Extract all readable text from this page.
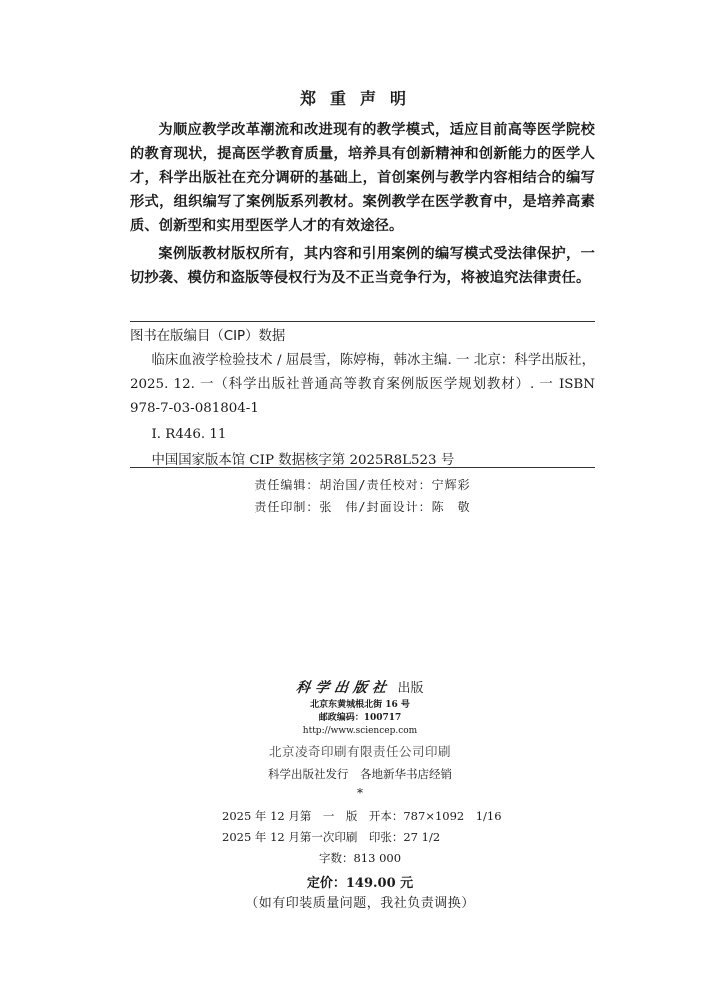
郑重声明

为顺应教学改革潮流和改进现有的教学模式，适应目前高等医学院校的教育现状，提高医学教育质量，培养具有创新精神和创新能力的医学人才，科学出版社在充分调研的基础上，首创案例与教学内容相结合的编写形式，组织编写了案例版系列教材。案例教学在医学教育中，是培养高素质、创新型和实用型医学人才的有效途径。

案例版教材版权所有，其内容和引用案例的编写模式受法律保护，一切抄袭、模仿和盗版等侵权行为及不正当竞争行为，将被追究法律责任。

图书在版编目（CIP）数据
临床血液学检验技术 / 屈晨雪，陈婷梅，韩冰主编. 一 北京：科学出版社，2025. 12. 一（科学出版社普通高等教育案例版医学规划教材）. 一 ISBN 978-7-03-081804-1
Ⅰ. R446. 11
中国国家版本馆 CIP 数据核字第 2025R8L523 号
责任编辑：胡治国/责任校对：宁辉彩
责任印制：张　伟/封面设计：陈　敬
科学出版社 出版
北京东黄城根北街 16 号
邮政编码：100717
http://www.sciencep.com
北京凌奇印刷有限责任公司印刷
科学出版社发行　各地新华书店经销
*
2025 年 12 月第　一　版　开本：787×1092　1/16
2025 年 12 月第一次印刷　印张：27 1/2
字数：813 000
定价：149.00 元
（如有印装质量问题，我社负责调换）
